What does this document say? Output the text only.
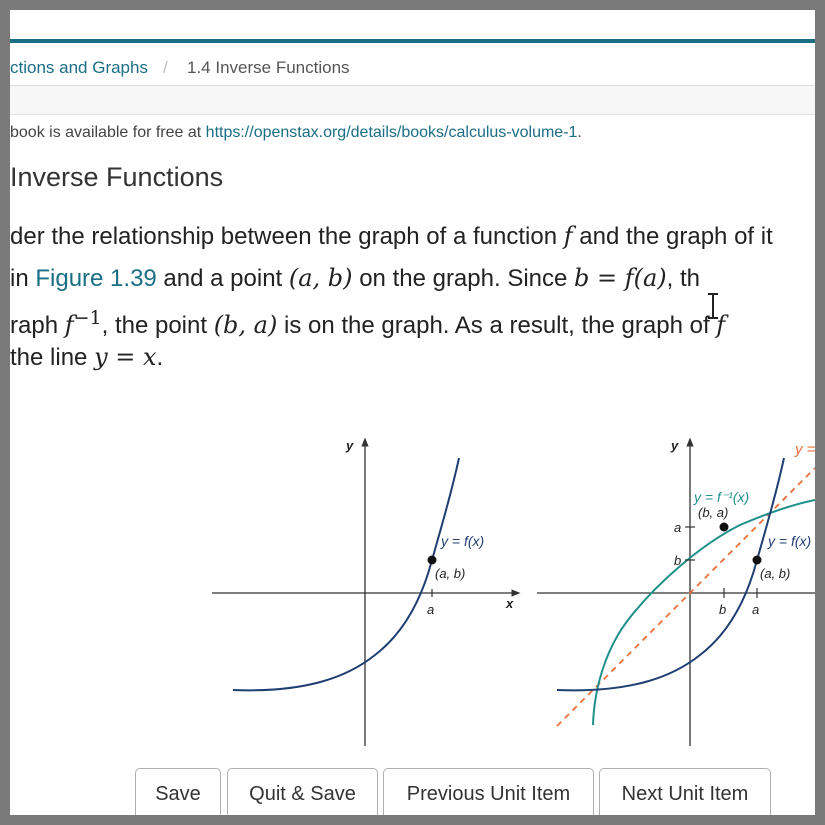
ctions and Graphs / 1.4 Inverse Functions
book is available for free at https://openstax.org/details/books/calculus-volume-1.
Inverse Functions
der the relationship between the graph of a function f and the graph of it
in Figure 1.39 and a point (a, b) on the graph. Since b = f(a), th
raph $f^{-1}$, the point (b, a) is on the graph. As a result, the graph of f
the line y = x.
y
x
y = f(x)
(a, b)
a
y	y =
y = f⁻¹(x)
(b, a)
y = f(x)
(a, b)
a
b
b a
Save	Quit & Save	Previous Unit Item	Next Unit Item
